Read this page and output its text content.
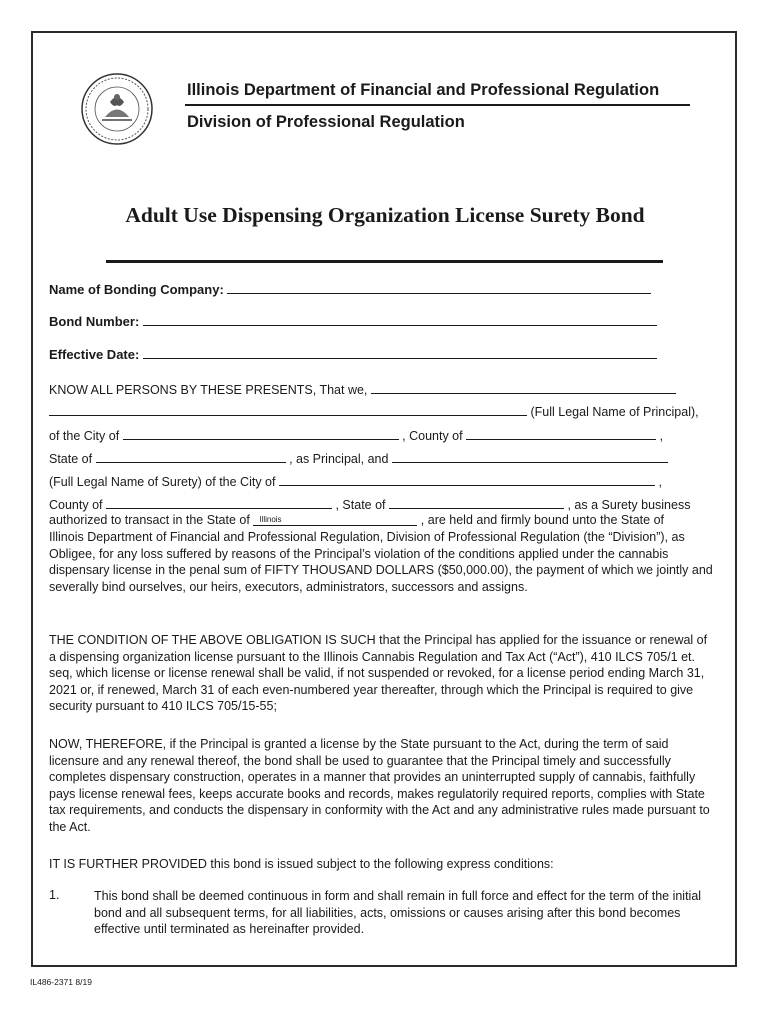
Illinois Department of Financial and Professional Regulation
Division of Professional Regulation
Adult Use Dispensing Organization License Surety Bond
Name of Bonding Company:
Bond Number:
Effective Date:
KNOW ALL PERSONS BY THESE PRESENTS, That we,
(Full Legal Name of Principal),
of the City of	, County of	,
State of	, as Principal, and
(Full Legal Name of Surety) of the City of	,
County of	, State of	, as a Surety business
authorized to transact in the State of Illinois	, are held and firmly bound unto the State of
Illinois Department of Financial and Professional Regulation, Division of Professional Regulation (the “Division”), as Obligee, for any loss suffered by reasons of the Principal’s violation of the conditions applied under the cannabis dispensary license in the penal sum of FIFTY THOUSAND DOLLARS ($50,000.00), the payment of which we jointly and severally bind ourselves, our heirs, executors, administrators, successors and assigns.
THE CONDITION OF THE ABOVE OBLIGATION IS SUCH that the Principal has applied for the issuance or renewal of a dispensing organization license pursuant to the Illinois Cannabis Regulation and Tax Act (“Act”), 410 ILCS 705/1 et. seq, which license or license renewal shall be valid, if not suspended or revoked, for a license period ending March 31, 2021 or, if renewed, March 31 of each even-numbered year thereafter, through which the Principal is required to give security pursuant to 410 ILCS 705/15-55;
NOW, THEREFORE, if the Principal is granted a license by the State pursuant to the Act, during the term of said licensure and any renewal thereof, the bond shall be used to guarantee that the Principal timely and successfully completes dispensary construction, operates in a manner that provides an uninterrupted supply of cannabis, faithfully pays license renewal fees, keeps accurate books and records, makes regulatorily required reports, complies with State tax requirements, and conducts the dispensary in conformity with the Act and any administrative rules made pursuant to the Act.
IT IS FURTHER PROVIDED this bond is issued subject to the following express conditions:
1.	This bond shall be deemed continuous in form and shall remain in full force and effect for the term of the initial bond and all subsequent terms, for all liabilities, acts, omissions or causes arising after this bond becomes effective until terminated as hereinafter provided.
IL486-2371 8/19
